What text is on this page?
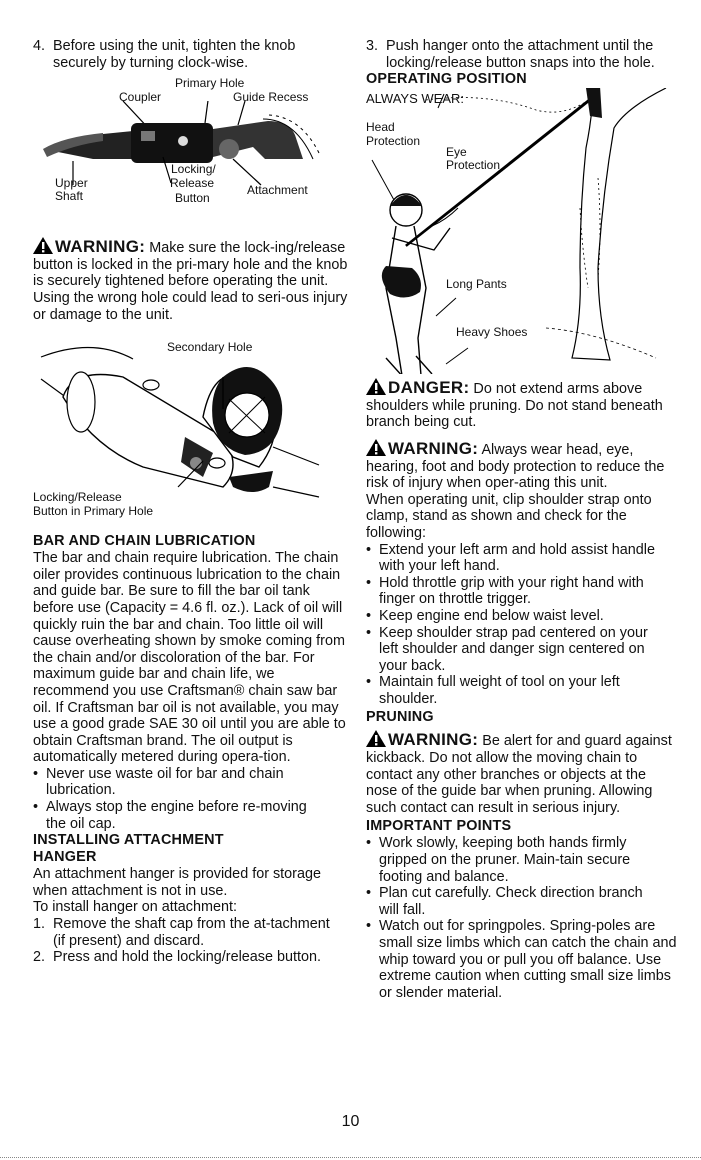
4. Before using the unit, tighten the knob securely by turning clock-wise.
Primary Hole
Coupler	Guide Recess
Locking/
Upper	Release	Attachment
Shaft	Button

WARNING: Make sure the lock-ing/release button is locked in the pri-mary hole and the knob is securely tightened before operating the unit. Using the wrong hole could lead to seri-ous injury or damage to the unit.

Secondary Hole
Locking/Release
Button in Primary Hole
BAR AND CHAIN LUBRICATION

The bar and chain require lubrication. The chain oiler provides continuous lubrication to the chain and guide bar. Be sure to fill the bar oil tank before use (Capacity = 4.6 fl. oz.). Lack of oil will quickly ruin the bar and chain. Too little oil will cause overheating shown by smoke coming from the chain and/or discoloration of the bar. For maximum guide bar and chain life, we recommend you use Craftsman® chain saw bar oil. If Craftsman bar oil is not available, you may use a good grade SAE 30 oil until you are able to obtain Craftsman brand. The oil output is automatically metered during opera-tion.

• Never use waste oil for bar and chain lubrication.
• Always stop the engine before re-moving the oil cap.
INSTALLING ATTACHMENT HANGER

An attachment hanger is provided for storage when attachment is not in use.

To install hanger on attachment:

1. Remove the shaft cap from the at-tachment (if present) and discard.
2. Press and hold the locking/release button.
3. Push hanger onto the attachment until the locking/release button snaps into the hole.
OPERATING POSITION
ALWAYS WEAR:
Head
Protection
Eye
Protection
Long Pants
Heavy Shoes

DANGER: Do not extend arms above shoulders while pruning. Do not stand beneath branch being cut.

WARNING: Always wear head, eye, hearing, foot and body protection to reduce the risk of injury when oper-ating this unit.

When operating unit, clip shoulder strap onto clamp, stand as shown and check for the following:

• Extend your left arm and hold assist handle with your left hand.
• Hold throttle grip with your right hand with finger on throttle trigger.
• Keep engine end below waist level.
• Keep shoulder strap pad centered on your left shoulder and danger sign centered on your back.
• Maintain full weight of tool on your left shoulder.
PRUNING

WARNING: Be alert for and guard against kickback. Do not allow the moving chain to contact any other branches or objects at the nose of the guide bar when pruning. Allowing such contact can result in serious injury.

IMPORTANT POINTS
• Work slowly, keeping both hands firmly gripped on the pruner. Main-tain secure footing and balance.
• Plan cut carefully. Check direction branch will fall.
• Watch out for springpoles. Spring-poles are small size limbs which can catch the chain and whip toward you or pull you off balance. Use extreme caution when cutting small size limbs or slender material.
10
